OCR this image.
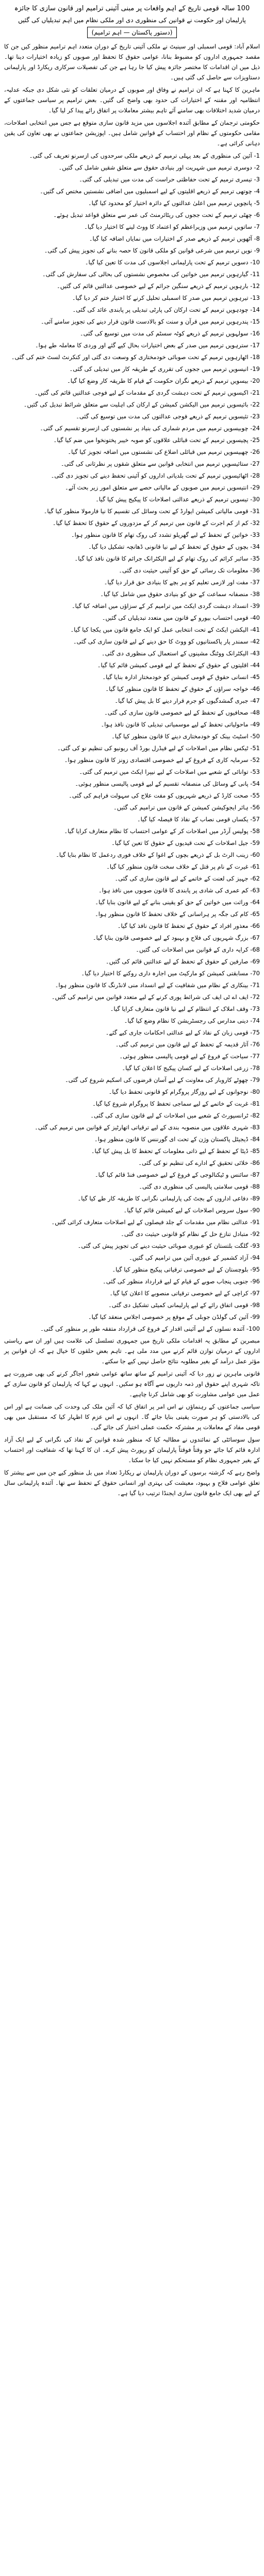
100 سالہ قومی تاریخ کے اہم واقعات پر مبنی آئینی ترامیم اور قانون سازی کا جائزہ
پارلیمان اور حکومت نے قوانین کی منظوری دی اور ملکی نظام میں اہم تبدیلیاں کی گئیں
(دستور پاکستان — اہم ترامیم)

اسلام آباد: قومی اسمبلی اور سینیٹ نے ملکی آئینی تاریخ کے دوران متعدد اہم ترامیم منظور کیں جن کا مقصد جمہوری اداروں کو مضبوط بنانا، عوامی حقوق کا تحفظ اور صوبوں کو زیادہ اختیارات دینا تھا۔ ذیل میں ان اقدامات کا مختصر جائزہ پیش کیا جا رہا ہے جن کی تفصیلات سرکاری ریکارڈ اور پارلیمانی دستاویزات سے حاصل کی گئی ہیں۔

ماہرین کا کہنا ہے کہ ان ترامیم نے وفاق اور صوبوں کے درمیان تعلقات کو نئی شکل دی جبکہ عدلیہ، انتظامیہ اور مقننہ کے اختیارات کی حدود بھی واضح کی گئیں۔ بعض ترامیم پر سیاسی جماعتوں کے درمیان شدید اختلافات بھی سامنے آئے تاہم بیشتر معاملات پر اتفاق رائے پیدا کر لیا گیا۔

حکومتی ترجمان کے مطابق آئندہ اجلاسوں میں مزید قانون سازی متوقع ہے جس میں انتخابی اصلاحات، مقامی حکومتوں کے نظام اور احتساب کے قوانین شامل ہیں۔ اپوزیشن جماعتوں نے بھی تعاون کی یقین دہانی کرائی ہے۔

1- آئین کی منظوری کے بعد پہلی ترمیم کے ذریعے ملکی سرحدوں کی ازسرنو تعریف کی گئی۔

2- دوسری ترمیم میں شہریت اور بنیادی حقوق سے متعلق شقیں شامل کی گئیں۔

3- تیسری ترمیم کے تحت حفاظتی حراست کی مدت میں تبدیلی کی گئی۔

4- چوتھی ترمیم کے ذریعے اقلیتوں کے لیے اسمبلیوں میں اضافی نشستیں مختص کی گئیں۔

5- پانچویں ترمیم میں اعلیٰ عدالتوں کے دائرہ اختیار کو محدود کیا گیا۔

6- چھٹی ترمیم کے تحت ججوں کی ریٹائرمنٹ کی عمر سے متعلق قواعد تبدیل ہوئے۔

7- ساتویں ترمیم میں وزیراعظم کو اعتماد کا ووٹ لینے کا اختیار دیا گیا۔

8- آٹھویں ترمیم کے ذریعے صدر کے اختیارات میں نمایاں اضافہ کیا گیا۔

9- نویں ترمیم میں شرعی قوانین کو ملکی قانون کا حصہ بنانے کی تجویز پیش کی گئی۔

10- دسویں ترمیم کے تحت پارلیمانی اجلاسوں کی مدت کا تعین کیا گیا۔

11- گیارہویں ترمیم میں خواتین کی مخصوص نشستوں کی بحالی کی سفارش کی گئی۔

12- بارہویں ترمیم کے ذریعے سنگین جرائم کے لیے خصوصی عدالتیں قائم کی گئیں۔

13- تیرہویں ترمیم میں صدر کا اسمبلی تحلیل کرنے کا اختیار ختم کر دیا گیا۔

14- چودہویں ترمیم کے تحت ارکان کی پارٹی تبدیلی پر پابندی عائد کی گئی۔

15- پندرہویں ترمیم میں قرآن و سنت کو بالادست قانون قرار دینے کی تجویز سامنے آئی۔

16- سولہویں ترمیم کے ذریعے کوٹہ سسٹم کی مدت میں توسیع کی گئی۔

17- سترہویں ترمیم میں صدر کے بعض اختیارات بحال کیے گئے اور وردی کا معاملہ طے ہوا۔

18- اٹھارہویں ترمیم کے تحت صوبائی خودمختاری کو وسعت دی گئی اور کنکرنٹ لسٹ ختم کی گئی۔

19- انیسویں ترمیم میں ججوں کی تقرری کے طریقہ کار میں تبدیلی کی گئی۔

20- بیسویں ترمیم کے ذریعے نگران حکومت کے قیام کا طریقہ کار وضع کیا گیا۔

21- اکیسویں ترمیم کے تحت دہشت گردی کے مقدمات کے لیے فوجی عدالتیں قائم کی گئیں۔

22- بائیسویں ترمیم میں الیکشن کمیشن کے ارکان کی اہلیت سے متعلق شرائط تبدیل کی گئیں۔

23- تئیسویں ترمیم کے ذریعے فوجی عدالتوں کی مدت میں توسیع کی گئی۔

24- چوبیسویں ترمیم میں مردم شماری کی بنیاد پر نشستوں کی ازسرنو تقسیم کی گئی۔

25- پچیسویں ترمیم کے تحت قبائلی علاقوں کو صوبہ خیبر پختونخوا میں ضم کیا گیا۔

26- چھبیسویں ترمیم میں قبائلی اضلاع کی نشستوں میں اضافہ تجویز کیا گیا۔

27- ستائیسویں ترمیم میں انتخابی قوانین سے متعلق شقوں پر نظرثانی کی گئی۔

28- اٹھائیسویں ترمیم کے تحت بلدیاتی اداروں کو آئینی تحفظ دینے کی تجویز دی گئی۔

29- انتیسویں ترمیم میں صوبوں کے مالیاتی حصے سے متعلق امور زیر بحث آئے۔

30- تیسویں ترمیم کے ذریعے عدالتی اصلاحات کا پیکیج پیش کیا گیا۔

31- قومی مالیاتی کمیشن ایوارڈ کے تحت وسائل کی تقسیم کا نیا فارمولا منظور کیا گیا۔

32- کم از کم اجرت کے قانون میں ترمیم کر کے مزدوروں کے حقوق کا تحفظ کیا گیا۔

33- خواتین کے تحفظ کے لیے گھریلو تشدد کی روک تھام کا قانون منظور ہوا۔

34- بچوں کے حقوق کے تحفظ کے لیے نیا قانونی ڈھانچہ تشکیل دیا گیا۔

35- سائبر کرائم کی روک تھام کے لیے الیکٹرانک جرائم کا قانون نافذ کیا گیا۔

36- معلومات تک رسائی کے حق کو آئینی حیثیت دی گئی۔

37- مفت اور لازمی تعلیم کو ہر بچے کا بنیادی حق قرار دیا گیا۔

38- منصفانہ سماعت کے حق کو بنیادی حقوق میں شامل کیا گیا۔

39- انسداد دہشت گردی ایکٹ میں ترامیم کر کے سزاؤں میں اضافہ کیا گیا۔

40- قومی احتساب بیورو کے قانون میں متعدد تبدیلیاں کی گئیں۔

41- الیکشن ایکٹ کے تحت انتخابی عمل کو ایک جامع قانون میں یکجا کیا گیا۔

42- سمندر پار پاکستانیوں کو ووٹ کا حق دینے کے لیے قانون سازی کی گئی۔

43- الیکٹرانک ووٹنگ مشینوں کے استعمال کی منظوری دی گئی۔

44- اقلیتوں کے حقوق کے تحفظ کے لیے قومی کمیشن قائم کیا گیا۔

45- انسانی حقوق کے قومی کمیشن کو خودمختار ادارہ بنایا گیا۔

46- خواجہ سراؤں کے حقوق کے تحفظ کا قانون منظور کیا گیا۔

47- جبری گمشدگیوں کو جرم قرار دینے کا بل پیش کیا گیا۔

48- صحافیوں کے تحفظ کے لیے خصوصی قانون سازی کی گئی۔

49- ماحولیاتی تحفظ کے لیے موسمیاتی تبدیلی کا قانون نافذ ہوا۔

50- اسٹیٹ بینک کو خودمختاری دینے کا قانون منظور کیا گیا۔

51- ٹیکس نظام میں اصلاحات کے لیے فیڈرل بورڈ آف ریونیو کی تنظیم نو کی گئی۔

52- سرمایہ کاری کے فروغ کے لیے خصوصی اقتصادی زونز کا قانون منظور ہوا۔

53- توانائی کے شعبے میں اصلاحات کے لیے نیپرا ایکٹ میں ترمیم کی گئی۔

54- پانی کے وسائل کی منصفانہ تقسیم کے لیے قومی پالیسی منظور ہوئی۔

55- صحت کارڈ کے ذریعے شہریوں کو مفت علاج کی سہولت فراہم کی گئی۔

56- ہائر ایجوکیشن کمیشن کے قانون میں ترامیم کی گئیں۔

57- یکساں قومی نصاب کے نفاذ کا فیصلہ کیا گیا۔

58- پولیس آرڈر میں اصلاحات کر کے عوامی احتساب کا نظام متعارف کرایا گیا۔

59- جیل اصلاحات کے تحت قیدیوں کے حقوق کا تعین کیا گیا۔

60- زینب الرٹ بل کے ذریعے بچوں کے اغوا کے خلاف فوری ردعمل کا نظام بنایا گیا۔

61- غیرت کے نام پر قتل کے خلاف سخت قانون منظور کیا گیا۔

62- جہیز کی لعنت کے خاتمے کے لیے قانون سازی کی گئی۔

63- کم عمری کی شادی پر پابندی کا قانون صوبوں میں نافذ ہوا۔

64- وراثت میں خواتین کے حق کو یقینی بنانے کے لیے قانون بنایا گیا۔

65- کام کی جگہ پر ہراسانی کے خلاف تحفظ کا قانون منظور ہوا۔

66- معذور افراد کے حقوق کے تحفظ کا قانون نافذ کیا گیا۔

67- بزرگ شہریوں کی فلاح و بہبود کے لیے خصوصی قانون بنایا گیا۔

68- کرایہ داری کے قوانین میں اصلاحات کی گئیں۔

69- صارفین کے حقوق کے تحفظ کے لیے عدالتیں قائم کی گئیں۔

70- مسابقتی کمیشن کو مارکیٹ میں اجارہ داری روکنے کا اختیار دیا گیا۔

71- بینکاری کے نظام میں شفافیت کے لیے انسداد منی لانڈرنگ کا قانون منظور ہوا۔

72- ایف اے ٹی ایف کی شرائط پوری کرنے کے لیے متعدد قوانین میں ترامیم کی گئیں۔

73- وقف املاک کے انتظام کے لیے نیا قانون متعارف کرایا گیا۔

74- دینی مدارس کی رجسٹریشن کا نظام وضع کیا گیا۔

75- قومی زبان کے نفاذ کے لیے عدالتی احکامات جاری کیے گئے۔

76- آثار قدیمہ کے تحفظ کے لیے قانون میں ترمیم کی گئی۔

77- سیاحت کے فروغ کے لیے قومی پالیسی منظور ہوئی۔

78- زرعی اصلاحات کے لیے کسان پیکیج کا اعلان کیا گیا۔

79- چھوٹے کاروبار کی معاونت کے لیے آسان قرضوں کی اسکیم شروع کی گئی۔

80- نوجوانوں کے لیے روزگار پروگرام کو قانونی تحفظ دیا گیا۔

81- غربت کے خاتمے کے لیے سماجی تحفظ کا پروگرام شروع کیا گیا۔

82- ٹرانسپورٹ کے شعبے میں اصلاحات کے لیے قانون سازی کی گئی۔

83- شہری علاقوں میں منصوبہ بندی کے لیے ترقیاتی اتھارٹیز کے قوانین میں ترمیم کی گئی۔

84- ڈیجیٹل پاکستان وژن کے تحت ای گورننس کا قانون منظور ہوا۔

85- ڈیٹا کے تحفظ کے لیے ذاتی معلومات کے تحفظ کا بل پیش کیا گیا۔

86- خلائی تحقیق کے ادارے کی تنظیم نو کی گئی۔

87- سائنس و ٹیکنالوجی کے فروغ کے لیے خصوصی فنڈ قائم کیا گیا۔

88- قومی سلامتی پالیسی کی منظوری دی گئی۔

89- دفاعی اداروں کے بجٹ کی پارلیمانی نگرانی کا طریقہ کار طے کیا گیا۔

90- سول سروس اصلاحات کے لیے کمیشن قائم کیا گیا۔

91- عدالتی نظام میں مقدمات کے جلد فیصلوں کے لیے اصلاحات متعارف کرائی گئیں۔

92- متبادل تنازع حل کے نظام کو قانونی حیثیت دی گئی۔

93- گلگت بلتستان کو عبوری صوبائی حیثیت دینے کی تجویز پیش کی گئی۔

94- آزاد کشمیر کے عبوری آئین میں ترامیم کی گئیں۔

95- بلوچستان کے لیے خصوصی ترقیاتی پیکیج منظور کیا گیا۔

96- جنوبی پنجاب صوبے کے قیام کے لیے قرارداد منظور کی گئی۔

97- کراچی کے لیے خصوصی ترقیاتی منصوبے کا اعلان کیا گیا۔

98- قومی اتفاق رائے کے لیے پارلیمانی کمیٹی تشکیل دی گئی۔

99- آئین کی گولڈن جوبلی کے موقع پر خصوصی اجلاس منعقد کیا گیا۔

100- آئندہ نسلوں کے لیے آئینی اقدار کے فروغ کی قرارداد متفقہ طور پر منظور کی گئی۔

مبصرین کے مطابق یہ اقدامات ملکی تاریخ میں جمہوری تسلسل کی علامت ہیں اور ان سے ریاستی اداروں کے درمیان توازن قائم کرنے میں مدد ملی ہے۔ تاہم بعض حلقوں کا خیال ہے کہ ان قوانین پر مؤثر عمل درآمد کے بغیر مطلوبہ نتائج حاصل نہیں کیے جا سکتے۔

قانونی ماہرین نے زور دیا کہ آئینی ترامیم کے ساتھ ساتھ عوامی شعور اجاگر کرنے کی بھی ضرورت ہے تاکہ شہری اپنے حقوق اور ذمہ داریوں سے آگاہ ہو سکیں۔ انہوں نے کہا کہ پارلیمان کو قانون سازی کے عمل میں عوامی مشاورت کو بھی شامل کرنا چاہیے۔

سیاسی جماعتوں کے رہنماؤں نے اس امر پر اتفاق کیا کہ آئین ملک کی وحدت کی ضمانت ہے اور اس کی بالادستی کو ہر صورت یقینی بنایا جائے گا۔ انہوں نے اس عزم کا اظہار کیا کہ مستقبل میں بھی قومی مفاد کے معاملات پر مشترکہ حکمت عملی اختیار کی جائے گی۔

سول سوسائٹی کے نمائندوں نے مطالبہ کیا کہ منظور شدہ قوانین کے نفاذ کی نگرانی کے لیے ایک آزاد ادارہ قائم کیا جائے جو وقتاً فوقتاً پارلیمان کو رپورٹ پیش کرے۔ ان کا کہنا تھا کہ شفافیت اور احتساب کے بغیر جمہوری نظام کو مستحکم نہیں کیا جا سکتا۔

واضح رہے کہ گزشتہ برسوں کے دوران پارلیمان نے ریکارڈ تعداد میں بل منظور کیے جن میں سے بیشتر کا تعلق عوامی فلاح و بہبود، معیشت کی بہتری اور انسانی حقوق کے تحفظ سے تھا۔ آئندہ پارلیمانی سال کے لیے بھی ایک جامع قانون سازی ایجنڈا ترتیب دیا گیا ہے۔
